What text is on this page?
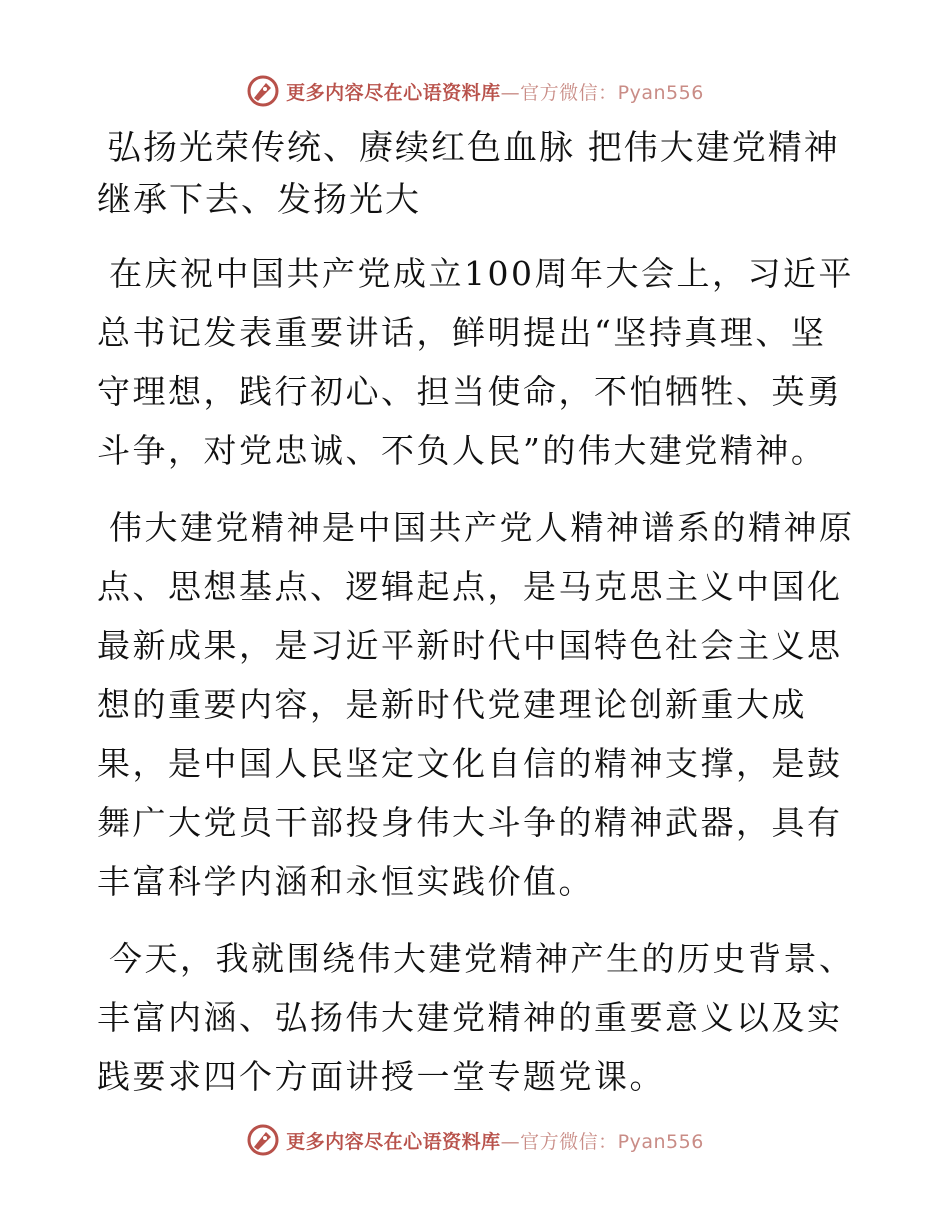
更多内容尽在心语资料库—官方微信：Pyan556
弘扬光荣传统、赓续红色血脉 把伟大建党精神继承下去、发扬光大

在庆祝中国共产党成立100周年大会上，习近平总书记发表重要讲话，鲜明提出“坚持真理、坚守理想，践行初心、担当使命，不怕牺牲、英勇斗争，对党忠诚、不负人民”的伟大建党精神。

伟大建党精神是中国共产党人精神谱系的精神原点、思想基点、逻辑起点，是马克思主义中国化最新成果，是习近平新时代中国特色社会主义思想的重要内容，是新时代党建理论创新重大成果，是中国人民坚定文化自信的精神支撑，是鼓舞广大党员干部投身伟大斗争的精神武器，具有丰富科学内涵和永恒实践价值。

今天，我就围绕伟大建党精神产生的历史背景、丰富内涵、弘扬伟大建党精神的重要意义以及实践要求四个方面讲授一堂专题党课。

更多内容尽在心语资料库—官方微信：Pyan556
